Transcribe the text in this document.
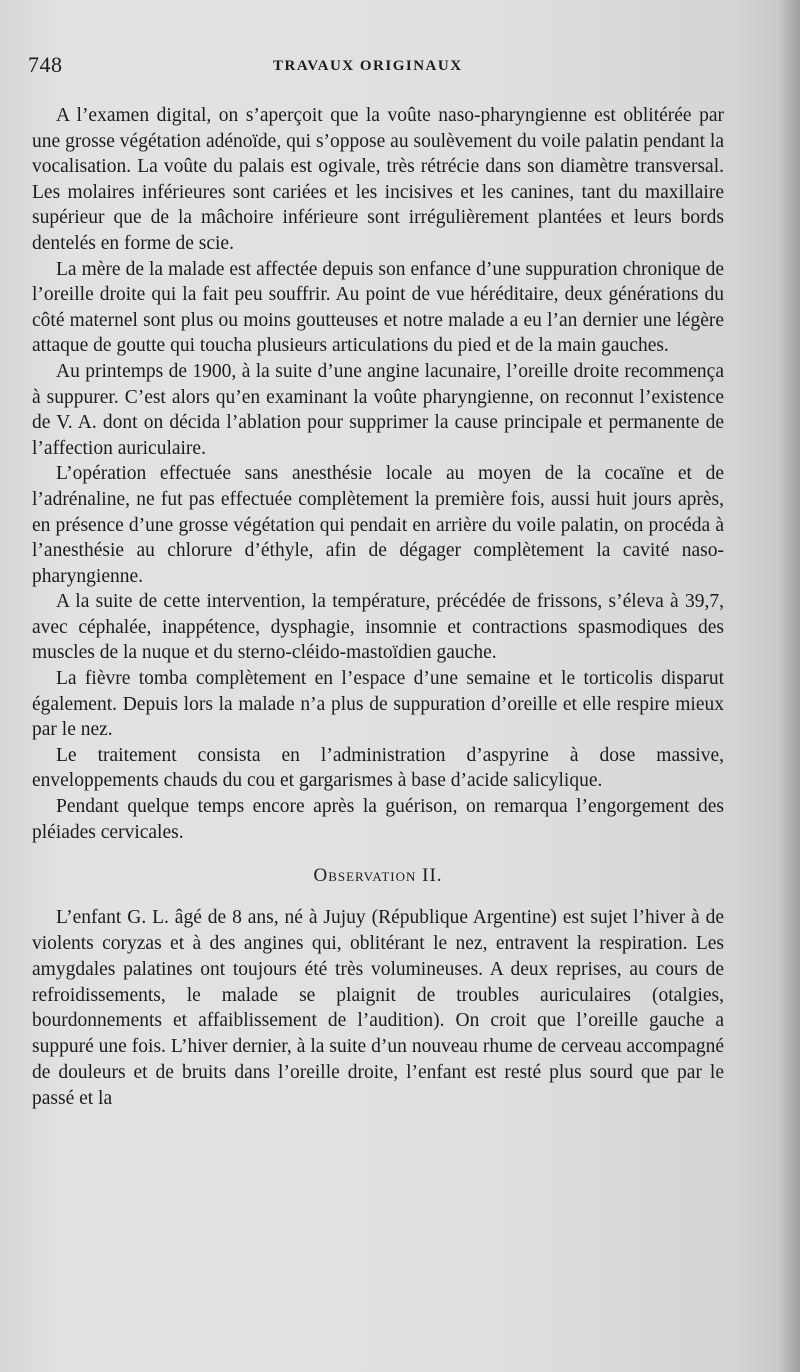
748	TRAVAUX ORIGINAUX

A l’examen digital, on s’aperçoit que la voûte naso-pharyngienne est oblitérée par une grosse végétation adénoïde, qui s’oppose au soulèvement du voile palatin pendant la vocalisation. La voûte du palais est ogivale, très rétrécie dans son diamètre transversal. Les molaires inférieures sont cariées et les incisives et les canines, tant du maxillaire supérieur que de la mâchoire inférieure sont irrégulièrement plantées et leurs bords dentelés en forme de scie.

La mère de la malade est affectée depuis son enfance d’une suppuration chronique de l’oreille droite qui la fait peu souffrir. Au point de vue héréditaire, deux générations du côté maternel sont plus ou moins goutteuses et notre malade a eu l’an dernier une légère attaque de goutte qui toucha plusieurs articulations du pied et de la main gauches.

Au printemps de 1900, à la suite d’une angine lacunaire, l’oreille droite recommença à suppurer. C’est alors qu’en examinant la voûte pharyngienne, on reconnut l’existence de V. A. dont on décida l’ablation pour supprimer la cause principale et permanente de l’affection auriculaire.

L’opération effectuée sans anesthésie locale au moyen de la cocaïne et de l’adrénaline, ne fut pas effectuée complètement la première fois, aussi huit jours après, en présence d’une grosse végétation qui pendait en arrière du voile palatin, on procéda à l’anesthésie au chlorure d’éthyle, afin de dégager complètement la cavité naso-pharyngienne.

A la suite de cette intervention, la température, précédée de frissons, s’éleva à 39,7, avec céphalée, inappétence, dysphagie, insomnie et contractions spasmodiques des muscles de la nuque et du sterno-cléido-mastoïdien gauche.

La fièvre tomba complètement en l’espace d’une semaine et le torticolis disparut également. Depuis lors la malade n’a plus de suppuration d’oreille et elle respire mieux par le nez.

Le traitement consista en l’administration d’aspyrine à dose massive, enveloppements chauds du cou et gargarismes à base d’acide salicylique.

Pendant quelque temps encore après la guérison, on remarqua l’engorgement des pléiades cervicales.

Observation II.

L’enfant G. L. âgé de 8 ans, né à Jujuy (République Argentine) est sujet l’hiver à de violents coryzas et à des angines qui, oblitérant le nez, entravent la respiration. Les amygdales palatines ont toujours été très volumineuses. A deux reprises, au cours de refroidissements, le malade se plaignit de troubles auriculaires (otalgies, bourdonnements et affaiblissement de l’audition). On croit que l’oreille gauche a suppuré une fois. L’hiver dernier, à la suite d’un nouveau rhume de cerveau accompagné de douleurs et de bruits dans l’oreille droite, l’enfant est resté plus sourd que par le passé et la
